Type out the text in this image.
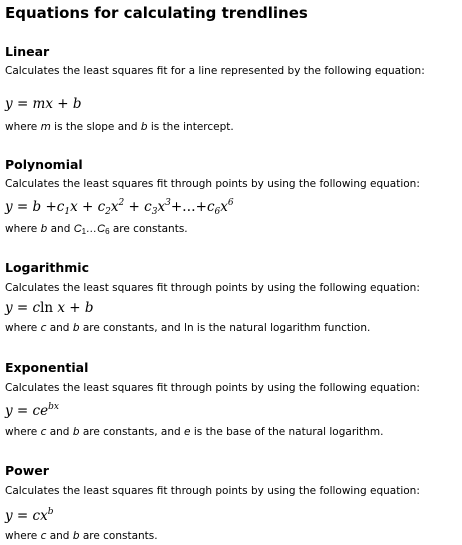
Equations for calculating trendlines
Linear
Calculates the least squares fit for a line represented by the following equation:
y = mx + b
where m is the slope and b is the intercept.
Polynomial
Calculates the least squares fit through points by using the following equation:
$y = b +c_1x + c_2x^2$ + $c_3x^3+\dots+c_6x^6$
where b and $C_1\dots C_6$ are constants.
Logarithmic
Calculates the least squares fit through points by using the following equation:
y = cln x + b
where c and b are constants, and ln is the natural logarithm function.
Exponential
Calculates the least squares fit through points by using the following equation:
$y = ce^{bx}$
where c and b are constants, and e is the base of the natural logarithm.
Power
Calculates the least squares fit through points by using the following equation:
$y = cx^b$
where c and b are constants.
